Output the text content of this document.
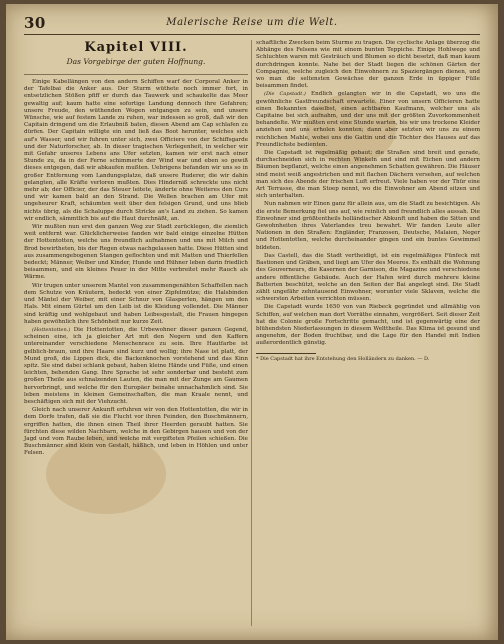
30	Malerische Reise um die Welt.
Kapitel VIII.
Das Vorgebirge der guten Hoffnung.

Einige Kabellängen von den andern Schiffen warf der Corporal Anker in der Tafelbai die Anker aus. Der Sturm wüthete noch immer fort, in entsetzlichen Stößen pfiff er durch das Tauwerk und schaukelte das Meer gewaltig auf; kaum hatte eine sofortige Landung dennoch ihre Gefahren; unsere Freude, den wüthenden Wogen entgangen zu sein, und unsere Wünsche, wie auf festem Lande zu ruhen, war indessen so groß, daß wir den Capitain dringend um die Erlaubniß baten, diesen Abend am Cap schlafen zu dürfen. Der Capitain willigte ein und ließ das Boot herunter, welches sich auf's Wasser, und wir fuhren unter sich, zwei Officiere von der Schiffsgarde und der Naturforscher, ab. In dieser tragischen Verlegenheit, in welcher wir mit Gefahr unseres Lebens ans Ufer setzten, kamen wir erst nach einer Stunde zu, da in der Ferne schimmerte der Wind war und eben so gewiß dieses entgegen, daß wir abkaufen mußten. Uebrigens befanden wir uns so in großer Entfernung vom Landungsplatze, daß unsere Ruderer, die wir dahin gelangten, alle Kräfte verloren mußten. Dies Hinderniß schreckte uns nicht mehr ab; der Officier, der das Steuer leitete, änderte ohne Weiteres den Curs und wir kamen bald an den Strand. Die Wellen brachen am Ufer mit ungeheurer Kraft, schäumten weit über den felsigen Grund, und uns blieb nichts übrig, als die Schaluppe durch Stricke an's Land zu ziehen. So kamen wir endlich, sämmtlich bis auf die Haut durchnäßt, an.

Wir mußten nun erst den ganzen Weg zur Stadt zurücklegen, die ziemlich weit entfernt war. Glücklicherweise fanden wir bald einige einzelne Hütten der Hottentotten, welche uns freundlich aufnahmen und uns mit Milch und Brod bewirtheten, bis der Regen etwas nachgelassen hatte. Diese Hütten sind aus zusammengebogenen Stangen geflochten und mit Matten und Thierfellen bedeckt; Männer, Weiber und Kinder, Hunde und Hühner leben darin friedlich beisammen, und ein kleines Feuer in der Mitte verbreitet mehr Rauch als Wärme.

Wir trugen unter unserem Mantel von zusammengenähten Schaffellen nach dem Schutze von Kräutern, bedeckt von einer Zipfelmütze; die Halsbinden und Mäntel der Weiber, mit einer Schnur von Glasperlen, hängen um den Hals. Mit einem Gürtel um den Leib ist die Kleidung vollendet. Die Männer sind kräftig und wohlgebaut und haben Leibesgestalt, die Frauen hingegen haben gewöhnlich ihre Schönheit nur kurze Zeit.

(Hottentotten.) Die Hottentotten, die Urbewohner dieser ganzen Gegend, scheinen eine, ich ja gleicher Art mit den Negern und den Kaffern untereinander verschiedene Menschenrace zu sein. Ihre Hautfarbe ist gelblich-braun, und ihre Haare sind kurz und wollig; ihre Nase ist platt, der Mund groß, die Lippen dick, die Backenknochen vorstehend und das Kinn spitz. Sie sind dabei schlank gebaut, haben kleine Hände und Füße, und einen leichten, behenden Gang. Ihre Sprache ist sehr sonderbar und besteht zum großen Theile aus schnalzenden Lauten, die man mit der Zunge am Gaumen hervorbringt, und welche für den Europäer beinahe unnachahmlich sind. Sie leben meistens in kleinen Gemeinschaften, die man Kraale nennt, und beschäftigen sich mit der Viehzucht.

Gleich nach unserer Ankunft erfuhren wir von den Hottentotten, die wir in dem Dorfe trafen, daß sie die Flucht vor ihren Feinden, den Buschmännern, ergriffen hatten, die ihnen einen Theil ihrer Heerden geraubt hatten. Sie fürchten diese wilden Nachbarn, welche in den Gebirgen hausen und von der Jagd und vom Raube leben, und welche mit vergifteten Pfeilen schießen. Die Buschmänner sind klein von Gestalt, häßlich, und leben in Höhlen und unter Felsen.

schaftliche Zwecken beim Sturme zu tragen. Die cyclische Anlage überzog die Abhänge des Felsens wie mit einem bunten Teppiche. Einige Hohlwege und Schluchten waren mit Gesträuch und Blumen so dicht besetzt, daß man kaum durchdringen konnte. Nahe bei der Stadt liegen die schönen Gärten der Compagnie, welche zugleich den Einwohnern zu Spaziergängen dienen, und wo man die seltensten Gewächse der ganzen Erde in üppiger Fülle beisammen findet.

(Die Capstadt.) Endlich gelangten wir in die Capstadt, wo uns die gewöhnliche Gastfreundschaft erwartete. Einer von unsern Officieren hatte einen Bekannten daselbst, einen achtbaren Kaufmann, welcher uns als Capitaine bei sich aufnahm, und der uns mit der größten Zuvorkommenheit behandelte. Wir mußten erst eine Stunde warten, bis wir uns trockene Kleider anziehen und uns erholen konnten; dann aber setzten wir uns zu einem reichlichen Mahle, wobei uns die Gattin und die Töchter des Hauses auf das Freundlichste bedienten.

Die Capstadt ist regelmäßig gebaut; die Straßen sind breit und gerade, durchschneiden sich in rechten Winkeln und sind mit Eichen und andern Bäumen bepflanzt, welche einen angenehmen Schatten gewähren. Die Häuser sind meist weiß angestrichen und mit flachen Dächern versehen, auf welchen man sich des Abends der frischen Luft erfreut. Viele haben vor der Thür eine Art Terrasse, die man Stoep nennt, wo die Einwohner am Abend sitzen und sich unterhalten.

Nun nahmen wir Einen ganz für allein aus, um die Stadt zu besichtigen. Als die erste Bemerkung fiel uns auf, wie reinlich und freundlich alles aussah. Die Einwohner sind größtentheils holländischer Abkunft und haben die Sitten und Gewohnheiten ihres Vaterlandes treu bewahrt. Wir fanden Leute aller Nationen in den Straßen: Engländer, Franzosen, Deutsche, Malaien, Neger und Hottentotten, welche durcheinander gingen und ein buntes Gewimmel bildeten.

Das Castell, das die Stadt vertheidigt, ist ein regelmäßiges Fünfeck mit Bastionen und Gräben, und liegt am Ufer des Meeres. Es enthält die Wohnung des Gouverneurs, die Kasernen der Garnison, die Magazine und verschiedene andere öffentliche Gebäude. Auch der Hafen wird durch mehrere kleine Batterien beschützt, welche an den Seiten der Bai angelegt sind. Die Stadt zählt ungefähr zehntausend Einwohner, worunter viele Sklaven, welche die schwersten Arbeiten verrichten müssen.

Die Capstadt wurde 1650 von van Riebeck gegründet und allmählig von Schiffen, auf welchen man dort Vorräthe einnahm, vergrößert. Seit dieser Zeit hat die Colonie große Fortschritte gemacht, und ist gegenwärtig eine der blühendsten Niederlassungen in diesem Welttheile. Das Klima ist gesund und angenehm, der Boden fruchtbar, und die Lage für den Handel mit Indien außerordentlich günstig.

* Die Capstadt hat ihre Entstehung den Holländern zu danken. — D.
